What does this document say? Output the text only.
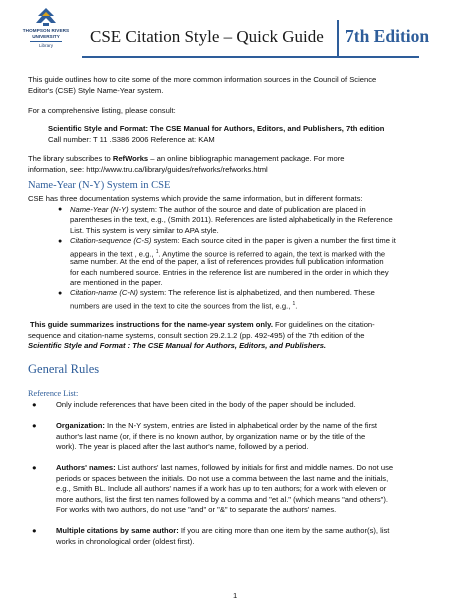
THOMPSON RIVERS
UNIVERSITY
Library	CSE Citation Style – Quick Guide 7th Edition
This guide outlines how to cite some of the more common information sources in the Council of Science
Editor's (CSE) Style Name-Year system.
For a comprehensive listing, please consult:
Scientific Style and Format: The CSE Manual for Authors, Editors, and Publishers, 7th edition
Call number: T 11 .S386 2006 Reference at: KAM
The library subscribes to RefWorks – an online bibliographic management package. For more
information, see: http://www.tru.ca/library/guides/refworks/refworks.html
Name-Year (N-Y) System in CSE
CSE has three documentation systems which provide the same information, but in different formats:
● Name-Year (N-Y) system: The author of the source and date of publication are placed in
parentheses in the text, e.g., (Smith 2011). References are listed alphabetically in the Reference
List. This system is very similar to APA style.
● Citation-sequence (C-S) system: Each source cited in the paper is given a number the first time it
appears in the text , e.g., $^1$. Anytime the source is referred to again, the text is marked with the
same number. At the end of the paper, a list of references provides full publication information
for each numbered source. Entries in the reference list are numbered in the order in which they
are mentioned in the paper.
● Citation-name (C-N) system: The reference list is alphabetized, and then numbered. These
numbers are used in the text to cite the sources from the list, e.g., $^1$.
This guide summarizes instructions for the name-year system only. For guidelines on the citation-
sequence and citation-name systems, consult section 29.2.1.2 (pp. 492-495) of the 7th edition of the
Scientific Style and Format : The CSE Manual for Authors, Editors, and Publishers.
General Rules
Reference List:
●	Only include references that have been cited in the body of the paper should be included.
●	Organization: In the N-Y system, entries are listed in alphabetical order by the name of the first
author's last name (or, if there is no known author, by organization name or by the title of the
work). The year is placed after the last author's name, followed by a period.
●	Authors' names: List authors' last names, followed by initials for first and middle names. Do not use
periods or spaces between the initials. Do not use a comma between the last name and the initials,
e.g., Smith BL. Include all authors' names if a work has up to ten authors; for a work with eleven or
more authors, list the first ten names followed by a comma and "et al." (which means "and others").
For works with two authors, do not use "and" or "&" to separate the authors' names.
●	Multiple citations by same author: If you are citing more than one item by the same author(s), list
works in chronological order (oldest first).
1
